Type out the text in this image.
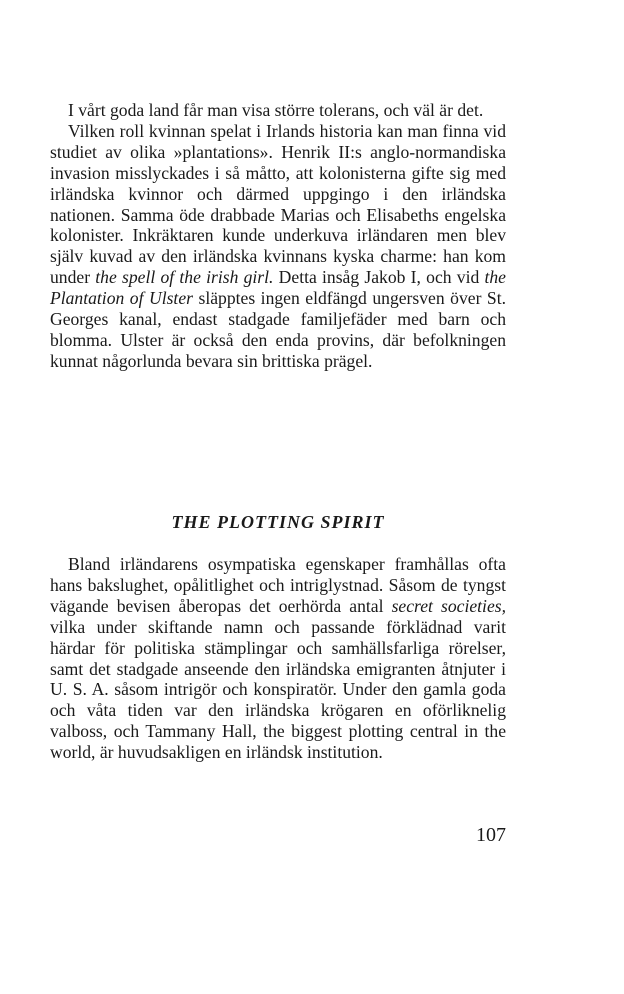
I vårt goda land får man visa större tolerans, och väl är det.

Vilken roll kvinnan spelat i Irlands historia kan man finna vid studiet av olika »plantations». Henrik II:s anglo-normandiska invasion misslyckades i så måtto, att kolonisterna gifte sig med irländska kvinnor och därmed uppgingo i den irländska nationen. Samma öde drabbade Marias och Elisabeths engelska kolonister. Inkräktaren kunde underkuva irländaren men blev själv kuvad av den irländska kvinnans kyska charme: han kom under the spell of the irish girl. Detta insåg Jakob I, och vid the Plantation of Ulster släpptes ingen eldfängd ungersven över St. Georges kanal, endast stadgade familjefäder med barn och blomma. Ulster är också den enda provins, där befolkningen kunnat någorlunda bevara sin brittiska prägel.

THE PLOTTING SPIRIT

Bland irländarens osympatiska egenskaper framhållas ofta hans bakslughet, opålitlighet och intriglystnad. Såsom de tyngst vägande bevisen åberopas det oerhörda antal secret societies, vilka under skiftande namn och passande förklädnad varit härdar för politiska stämplingar och samhällsfarliga rörelser, samt det stadgade anseende den irländska emigranten åtnjuter i U. S. A. såsom intrigör och konspiratör. Under den gamla goda och våta tiden var den irländska krögaren en oförliknelig valboss, och Tammany Hall, the biggest plotting central in the world, är huvudsakligen en irländsk institution.

107
